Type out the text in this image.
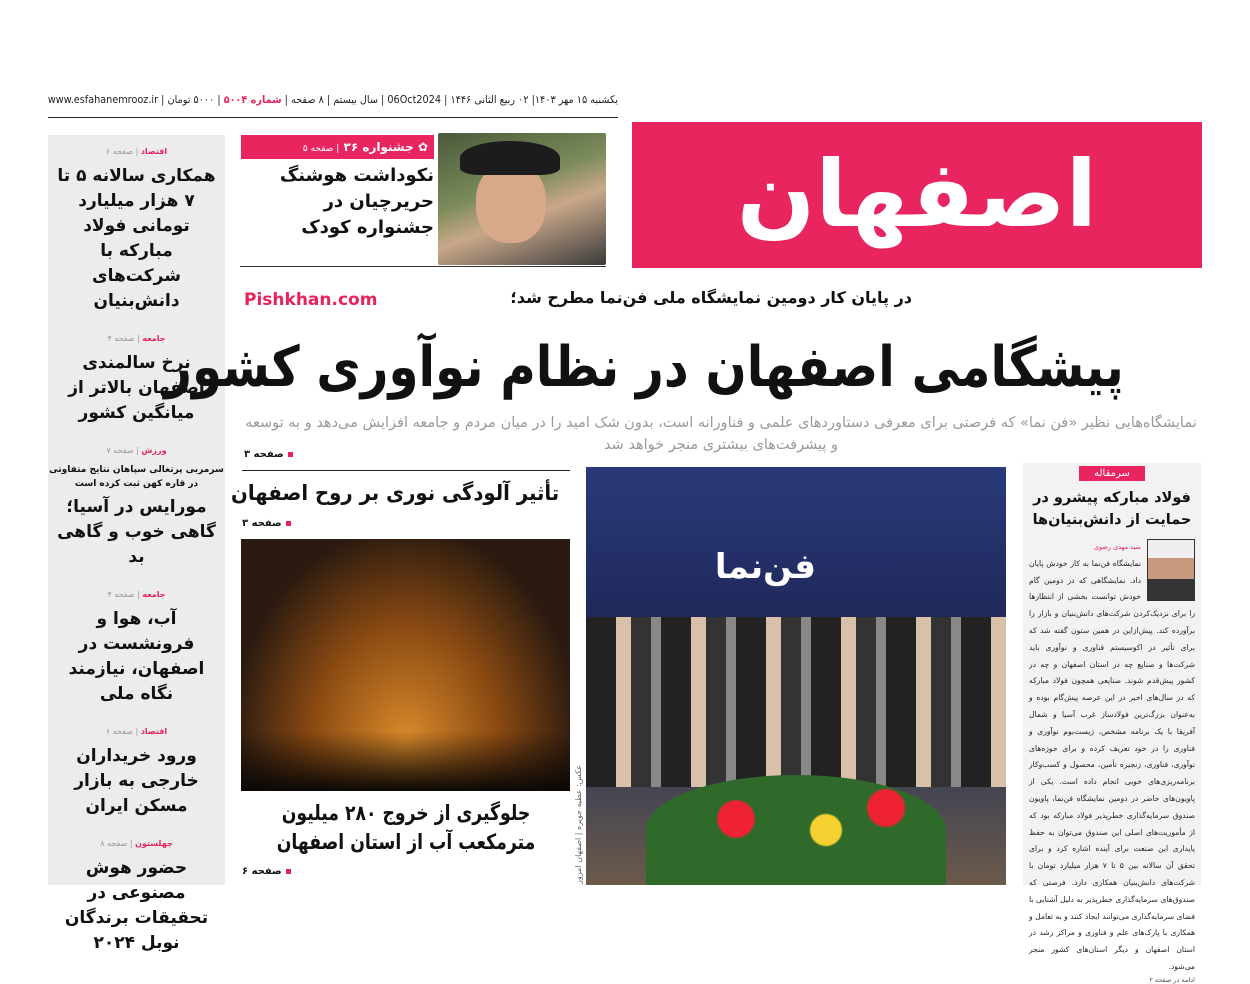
یکشنبه ۱۵ مهر ۱۴۰۳| ۰۲ ربیع الثانی ۱۴۴۶ | 06Oct2024 | سال بیستم | ۸ صفحه | شماره ۵۰۰۴ | ۵۰۰۰ تومان | www.esfahanemrooz.ir
اصفهان
اقتصاد | صفحه ۶
همکاری سالانه ۵ تا ۷ هزار میلیارد تومانی فولاد مبارکه با شرکت‌های دانش‌بنیان
جامعه | صفحه ۴
نرخ سالمندی اصفهان بالاتر از میانگین کشور
ورزش | صفحه ۷
سرمربی پرتغالی سپاهان نتایج متفاوتی در قاره کهن ثبت کرده است
مورایس در آسیا؛ گاهی خوب و گاهی بد
جامعه | صفحه ۴
آب، هوا و فرونشست در اصفهان، نیازمند نگاه ملی
اقتصاد | صفحه ۶
ورود خریداران خارجی به بازار مسکن ایران
چهلستون | صفحه ۸
حضور هوش مصنوعی در تحقیقات برندگان نوبل ۲۰۲۴
✿ جشنواره ۳۶ | صفحه ۵
نکوداشت هوشنگ حریرچیان در جشنواره کودک
در پایان کار دومین نمایشگاه ملی فن‌نما مطرح شد؛
Pishkhan.com
پیشگامی اصفهان در نظام نوآوری کشور
نمایشگاه‌هایی نظیر «فن نما» که فرصتی برای معرفی دستاوردهای علمی و فناورانه است، بدون شک امید را در میان مردم و جامعه افزایش می‌دهد و به توسعه و پیشرفت‌های بیشتری منجر خواهد شد
صفحه ۳
تأثیر آلودگی نوری بر روح اصفهان
صفحه ۳
جلوگیری از خروج ۲۸۰ میلیون مترمکعب آب از استان اصفهان
صفحه ۶
فن‌نما
عکس: عطیه جویره | اصفهان امروز
سرمقاله
فولاد مبارکه پیشرو در حمایت از دانش‌بنیان‌ها
سید مهدی رضوی
نمایشگاه فن‌نما به کار خودش پایان داد. نمایشگاهی که در دومین گام خودش توانست بخشی از انتظارها را برای نزدیک‌کردن شرکت‌های دانش‌بنیان و بازار را برآورده کند. پیش‌ازاین در همین ستون گفته شد که برای تأثیر در اکوسیستم فناوری و نوآوری باید شرکت‌ها و صنایع چه در استان اصفهان و چه در کشور پیش‌قدم شوند. صنایعی همچون فولاد مبارکه که در سال‌های اخیر در این عرصه پیش‌گام بوده و به‌عنوان بزرگ‌ترین فولادساز غرب آسیا و شمال آفریقا با یک برنامه مشخص، زیست‌بوم نوآوری و فناوری را در خود تعریف کرده و برای حوزه‌های نوآوری، فناوری، زنجیره تأمین، محصول و کسب‌وکار برنامه‌ریزی‌های خوبی انجام داده است. یکی از پاویون‌های حاضر در دومین نمایشگاه فن‌نما، پاویون صندوق سرمایه‌گذاری خطرپذیر فولاد مبارکه بود که از مأموریت‌های اصلی این صندوق می‌توان به حفظ پایداری این صنعت برای آینده اشاره کرد و برای تحقق آن سالانه بین ۵ تا ۷ هزار میلیارد تومان با شرکت‌های دانش‌بنیان همکاری دارد. فرصتی که صندوق‌های سرمایه‌گذاری خطرپذیر به دلیل آشنایی با فضای سرمایه‌گذاری می‌توانند ایجاد کنند و به تعامل و همکاری با پارک‌های علم و فناوری و مراکز رشد در استان اصفهان و دیگر استان‌های کشور منجر می‌شود.
ادامه در صفحه ۲
